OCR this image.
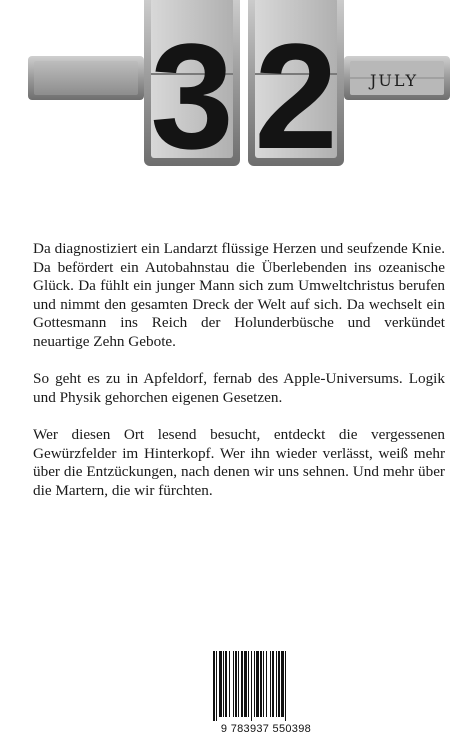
3 2 JULY

Da diagnostiziert ein Landarzt flüssige Herzen und seufzende Knie. Da befördert ein Autobahnstau die Überlebenden ins ozeanische Glück. Da fühlt ein junger Mann sich zum Umweltchristus berufen und nimmt den gesamten Dreck der Welt auf sich. Da wechselt ein Gottesmann ins Reich der Holunderbüsche und verkündet neuartige Zehn Gebote.

So geht es zu in Apfeldorf, fernab des Apple-Universums. Logik und Physik gehorchen eigenen Gesetzen.

Wer diesen Ort lesend besucht, entdeckt die vergessenen Gewürzfelder im Hinterkopf. Wer ihn wieder verlässt, weiß mehr über die Entzückungen, nach denen wir uns sehnen. Und mehr über die Martern, die wir fürchten.

9 783937 550398
